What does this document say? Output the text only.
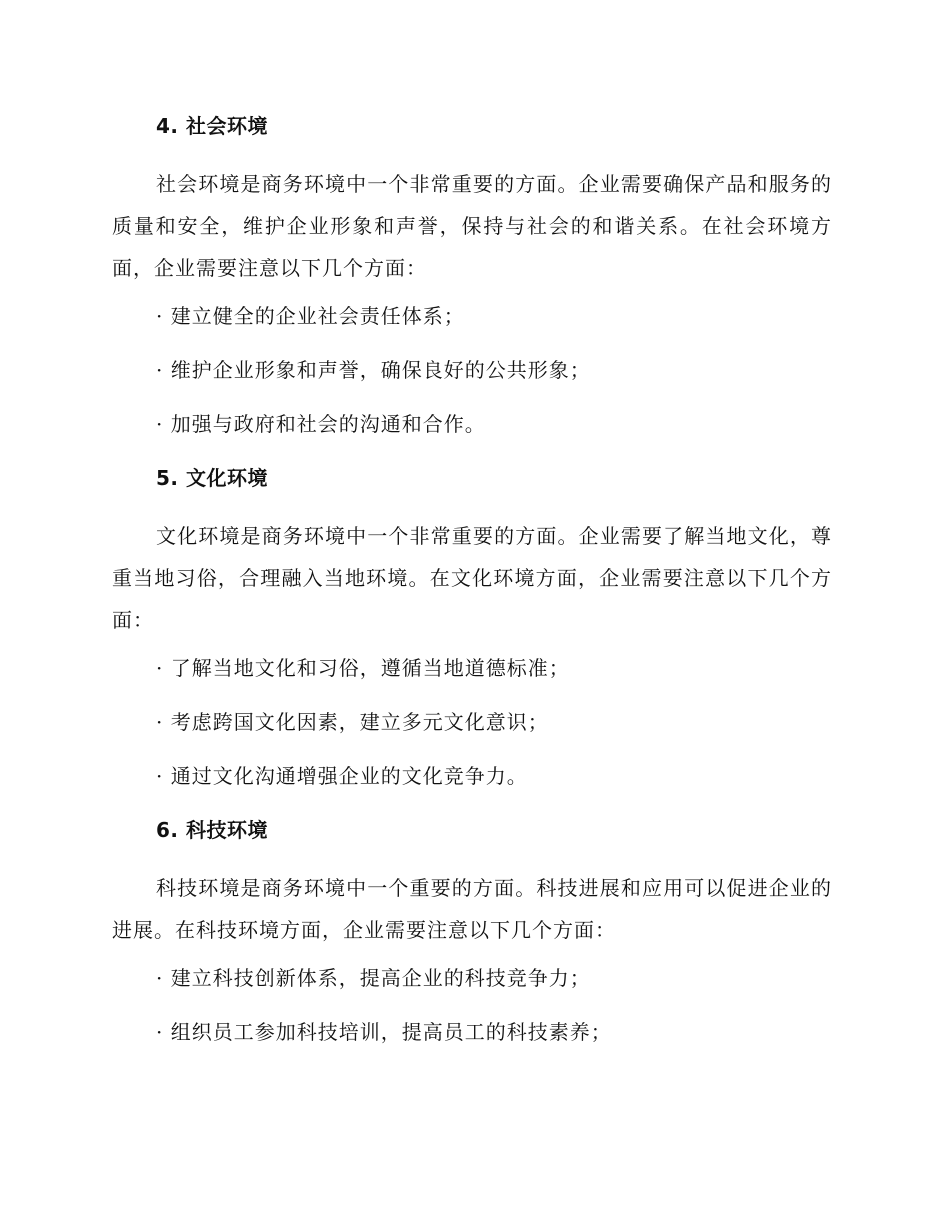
4. 社会环境

社会环境是商务环境中一个非常重要的方面。企业需要确保产品和服务的质量和安全，维护企业形象和声誉，保持与社会的和谐关系。在社会环境方面，企业需要注意以下几个方面：

· 建立健全的企业社会责任体系；
· 维护企业形象和声誉，确保良好的公共形象；
· 加强与政府和社会的沟通和合作。
5. 文化环境

文化环境是商务环境中一个非常重要的方面。企业需要了解当地文化，尊重当地习俗，合理融入当地环境。在文化环境方面，企业需要注意以下几个方面：

· 了解当地文化和习俗，遵循当地道德标准；
· 考虑跨国文化因素，建立多元文化意识；
· 通过文化沟通增强企业的文化竞争力。
6. 科技环境

科技环境是商务环境中一个重要的方面。科技进展和应用可以促进企业的进展。在科技环境方面，企业需要注意以下几个方面：

· 建立科技创新体系，提高企业的科技竞争力；
· 组织员工参加科技培训，提高员工的科技素养；
